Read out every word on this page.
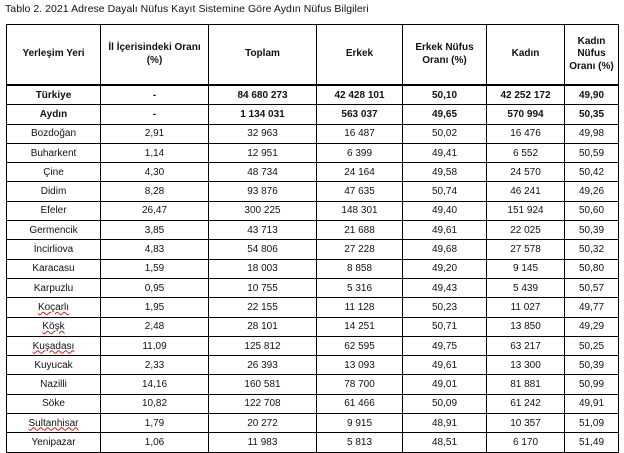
Tablo 2. 2021 Adrese Dayalı Nüfus Kayıt Sistemine Göre Aydın Nüfus Bilgileri
Yerleşim Yeri	İl İçerisindeki Oranı (%)	Toplam	Erkek	Erkek Nüfus Oranı (%)	Kadın	Kadın Nüfus Oranı (%)
Türkiye	-	84 680 273	42 428 101	50,10	42 252 172	49,90
Aydın	-	1 134 031	563 037	49,65	570 994	50,35
Bozdoğan	2,91	32 963	16 487	50,02	16 476	49,98
Buharkent	1,14	12 951	6 399	49,41	6 552	50,59
Çine	4,30	48 734	24 164	49,58	24 570	50,42
Didim	8,28	93 876	47 635	50,74	46 241	49,26
Efeler	26,47	300 225	148 301	49,40	151 924	50,60
Germencik	3,85	43 713	21 688	49,61	22 025	50,39
İncirliova	4,83	54 806	27 228	49,68	27 578	50,32
Karacasu	1,59	18 003	8 858	49,20	9 145	50,80
Karpuzlu	0,95	10 755	5 316	49,43	5 439	50,57
Koçarlı	1,95	22 155	11 128	50,23	11 027	49,77
Köşk	2,48	28 101	14 251	50,71	13 850	49,29
Kuşadası	11,09	125 812	62 595	49,75	63 217	50,25
Kuyucak	2,33	26 393	13 093	49,61	13 300	50,39
Nazilli	14,16	160 581	78 700	49,01	81 881	50,99
Söke	10,82	122 708	61 466	50,09	61 242	49,91
Sultanhisar	1,79	20 272	9 915	48,91	10 357	51,09
Yenipazar	1,06	11 983	5 813	48,51	6 170	51,49
